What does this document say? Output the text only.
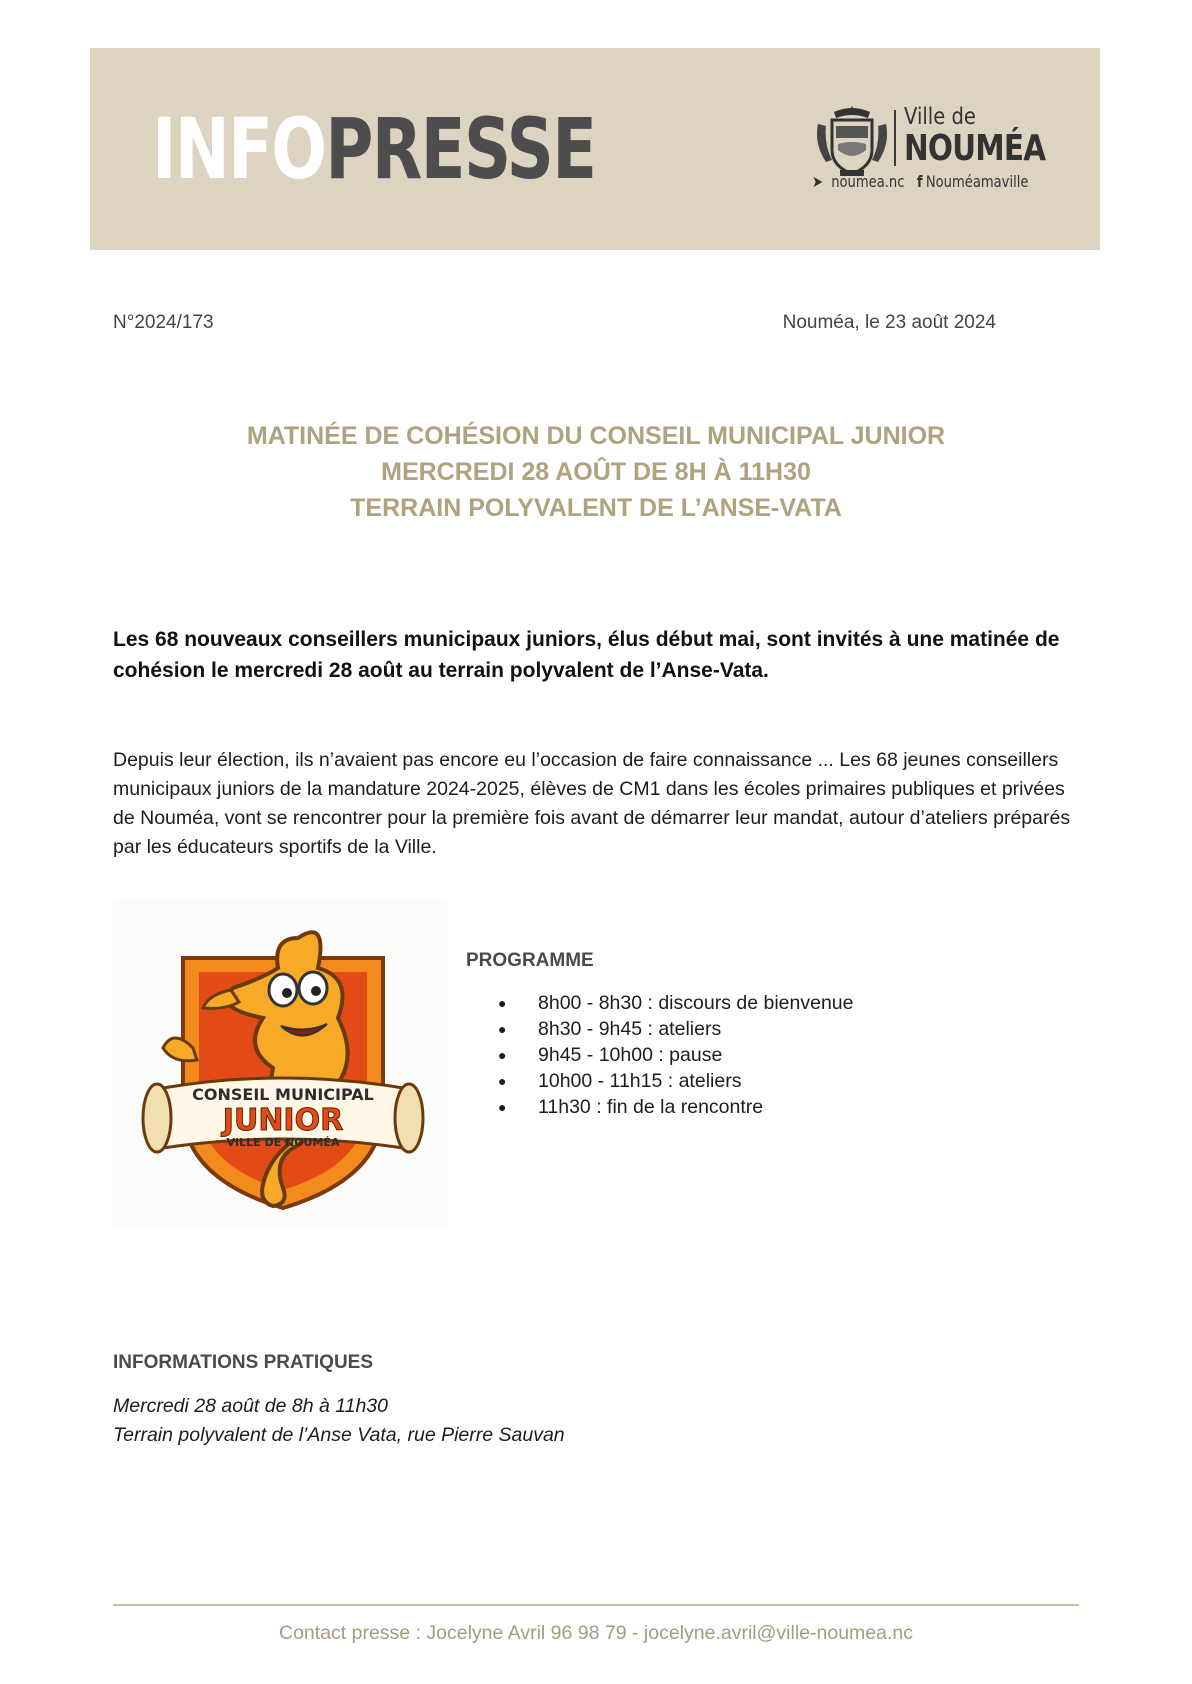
INFOPRESSE	Ville de
NOUMÉA
➤ noumea.nc f Nouméamaville
N°2024/173	Nouméa, le 23 août 2024
MATINÉE DE COHÉSION DU CONSEIL MUNICIPAL JUNIOR
MERCREDI 28 AOÛT DE 8H À 11H30
TERRAIN POLYVALENT DE L’ANSE-VATA

Les 68 nouveaux conseillers municipaux juniors, élus début mai, sont invités à une matinée de cohésion le mercredi 28 août au terrain polyvalent de l’Anse-Vata.

Depuis leur élection, ils n’avaient pas encore eu l’occasion de faire connaissance ... Les 68 jeunes conseillers municipaux juniors de la mandature 2024-2025, élèves de CM1 dans les écoles primaires publiques et privées de Nouméa, vont se rencontrer pour la première fois avant de démarrer leur mandat, autour d’ateliers préparés par les éducateurs sportifs de la Ville.

CONSEIL MUNICIPAL
JUNIOR
VILLE DE NOUMÉA
PROGRAMME
● 8h00 - 8h30 : discours de bienvenue
● 8h30 - 9h45 : ateliers
● 9h45 - 10h00 : pause
● 10h00 - 11h15 : ateliers
● 11h30 : fin de la rencontre
INFORMATIONS PRATIQUES
Mercredi 28 août de 8h à 11h30
Terrain polyvalent de l’Anse Vata, rue Pierre Sauvan
Contact presse : Jocelyne Avril 96 98 79 - jocelyne.avril@ville-noumea.nc
